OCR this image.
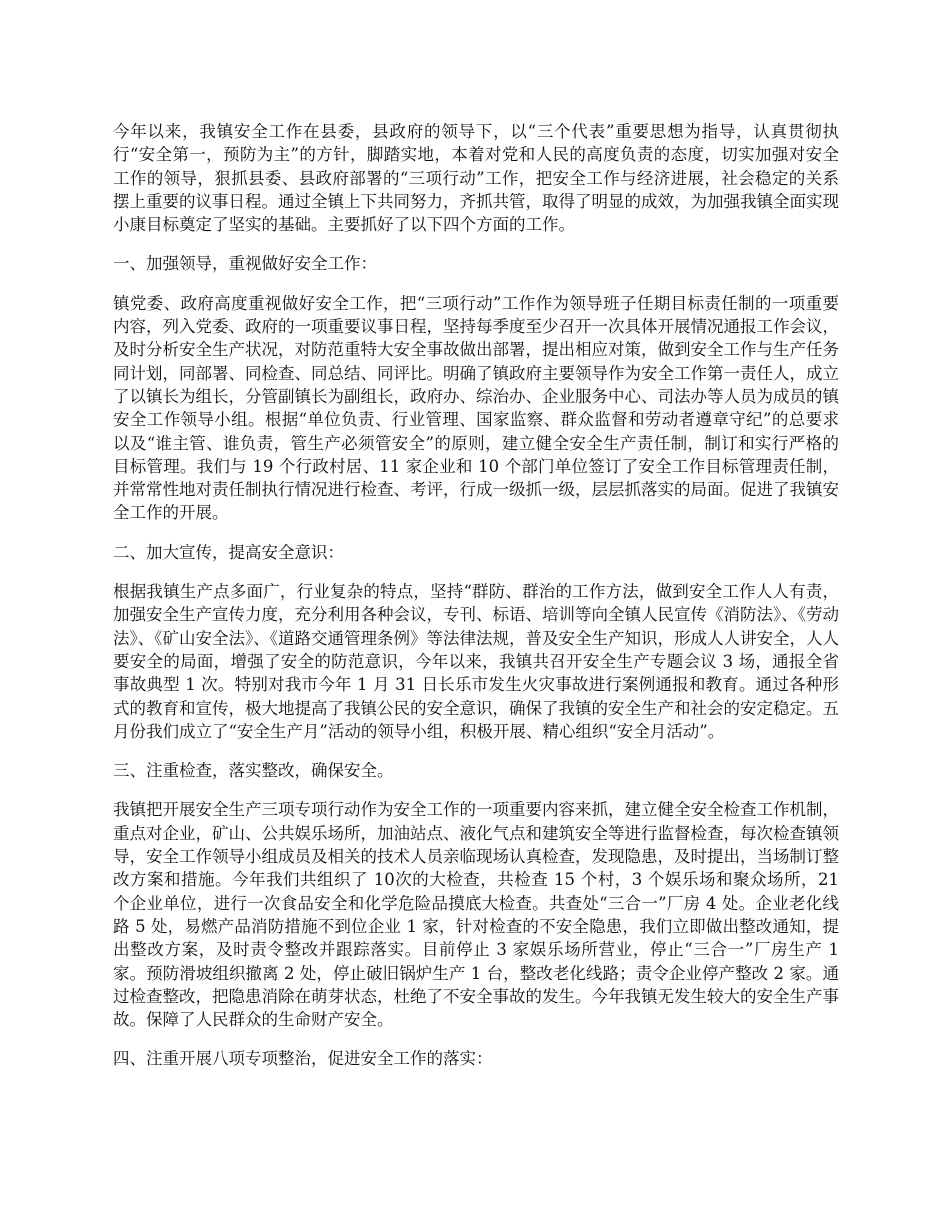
今年以来，我镇安全工作在县委，县政府的领导下，以“三个代表”重要思想为指导，认真贯彻执行“安全第一，预防为主”的方针，脚踏实地，本着对党和人民的高度负责的态度，切实加强对安全工作的领导，狠抓县委、县政府部署的“三项行动”工作，把安全工作与经济进展，社会稳定的关系摆上重要的议事日程。通过全镇上下共同努力，齐抓共管，取得了明显的成效，为加强我镇全面实现小康目标奠定了坚实的基础。主要抓好了以下四个方面的工作。

一、加强领导，重视做好安全工作：

镇党委、政府高度重视做好安全工作，把“三项行动”工作作为领导班子任期目标责任制的一项重要内容，列入党委、政府的一项重要议事日程，坚持每季度至少召开一次具体开展情况通报工作会议，及时分析安全生产状况，对防范重特大安全事故做出部署，提出相应对策，做到安全工作与生产任务同计划，同部署、同检查、同总结、同评比。明确了镇政府主要领导作为安全工作第一责任人，成立了以镇长为组长，分管副镇长为副组长，政府办、综治办、企业服务中心、司法办等人员为成员的镇安全工作领导小组。根据“单位负责、行业管理、国家监察、群众监督和劳动者遵章守纪”的总要求以及“谁主管、谁负责，管生产必须管安全”的原则，建立健全安全生产责任制，制订和实行严格的目标管理。我们与 19 个行政村居、11 家企业和 10 个部门单位签订了安全工作目标管理责任制，并常常性地对责任制执行情况进行检查、考评，行成一级抓一级，层层抓落实的局面。促进了我镇安全工作的开展。

二、加大宣传，提高安全意识：

根据我镇生产点多面广，行业复杂的特点，坚持“群防、群治的工作方法，做到安全工作人人有责，加强安全生产宣传力度，充分利用各种会议，专刊、标语、培训等向全镇人民宣传《消防法》、《劳动法》、《矿山安全法》、《道路交通管理条例》等法律法规，普及安全生产知识，形成人人讲安全，人人要安全的局面，增强了安全的防范意识，今年以来，我镇共召开安全生产专题会议 3 场，通报全省事故典型 1 次。特别对我市今年 1 月 31 日长乐市发生火灾事故进行案例通报和教育。通过各种形式的教育和宣传，极大地提高了我镇公民的安全意识，确保了我镇的安全生产和社会的安定稳定。五月份我们成立了“安全生产月”活动的领导小组，积极开展、精心组织“安全月活动”。

三、注重检查，落实整改，确保安全。

我镇把开展安全生产三项专项行动作为安全工作的一项重要内容来抓，建立健全安全检查工作机制，重点对企业，矿山、公共娱乐场所，加油站点、液化气点和建筑安全等进行监督检查，每次检查镇领导，安全工作领导小组成员及相关的技术人员亲临现场认真检查，发现隐患，及时提出，当场制订整改方案和措施。今年我们共组织了 10次的大检查，共检查 15 个村，3 个娱乐场和聚众场所，21 个企业单位，进行一次食品安全和化学危险品摸底大检查。共查处“三合一”厂房 4 处。企业老化线路 5 处，易燃产品消防措施不到位企业 1 家，针对检查的不安全隐患，我们立即做出整改通知，提出整改方案，及时责令整改并跟踪落实。目前停止 3 家娱乐场所营业，停止“三合一”厂房生产 1 家。预防滑坡组织撤离 2 处，停止破旧锅炉生产 1 台，整改老化线路；责令企业停产整改 2 家。通过检查整改，把隐患消除在萌芽状态，杜绝了不安全事故的发生。今年我镇无发生较大的安全生产事故。保障了人民群众的生命财产安全。

四、注重开展八项专项整治，促进安全工作的落实：
